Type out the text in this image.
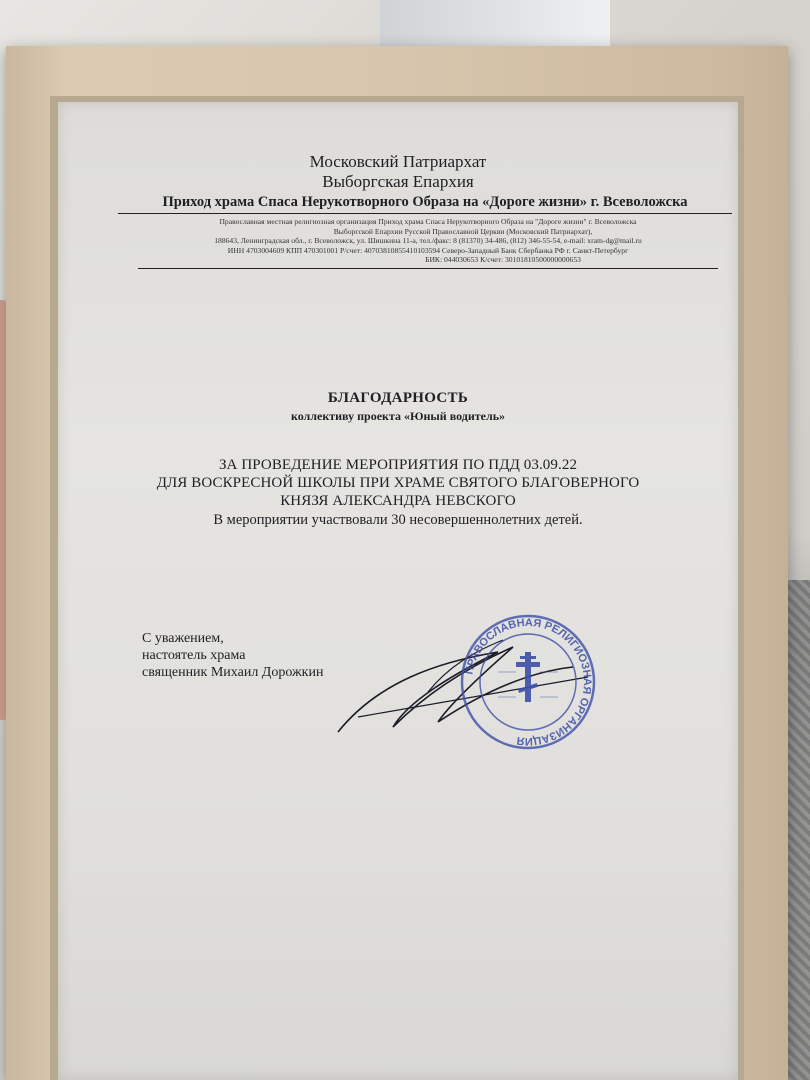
Московский Патриархат
Выборгская Епархия
Приход храма Спаса Нерукотворного Образа на «Дороге жизни» г. Всеволожска
Православная местная религиозная организация Приход храма Спаса Нерукотворного Образа на "Дороге жизни" г. Всеволожска
Выборгской Епархии Русской Православной Церкви (Московский Патриархат),
188643, Ленинградская обл., г. Всеволожск, ул. Шишкина 11-а, тел./факс: 8 (81370) 34-486, (812) 346-55-54, e-mail: xram-dg@mail.ru
ИНН 4703004609 КПП 470301001 Р/счет: 40703810855410103594 Северо-Западный Банк Сбербанка РФ г. Санкт-Петербург
БИК: 044030653 К/счет: 30101810500000000653
БЛАГОДАРНОСТЬ
коллективу проекта «Юный водитель»
ЗА ПРОВЕДЕНИЕ МЕРОПРИЯТИЯ ПО ПДД 03.09.22
ДЛЯ ВОСКРЕСНОЙ ШКОЛЫ ПРИ ХРАМЕ СВЯТОГО БЛАГОВЕРНОГО
КНЯЗЯ АЛЕКСАНДРА НЕВСКОГО
В мероприятии участвовали 30 несовершеннолетних детей.
С уважением,
настоятель храма
священник Михаил Дорожкин	ПРАВОСЛАВНАЯ РЕЛИГИОЗНАЯ ОРГАНИЗАЦИЯ
